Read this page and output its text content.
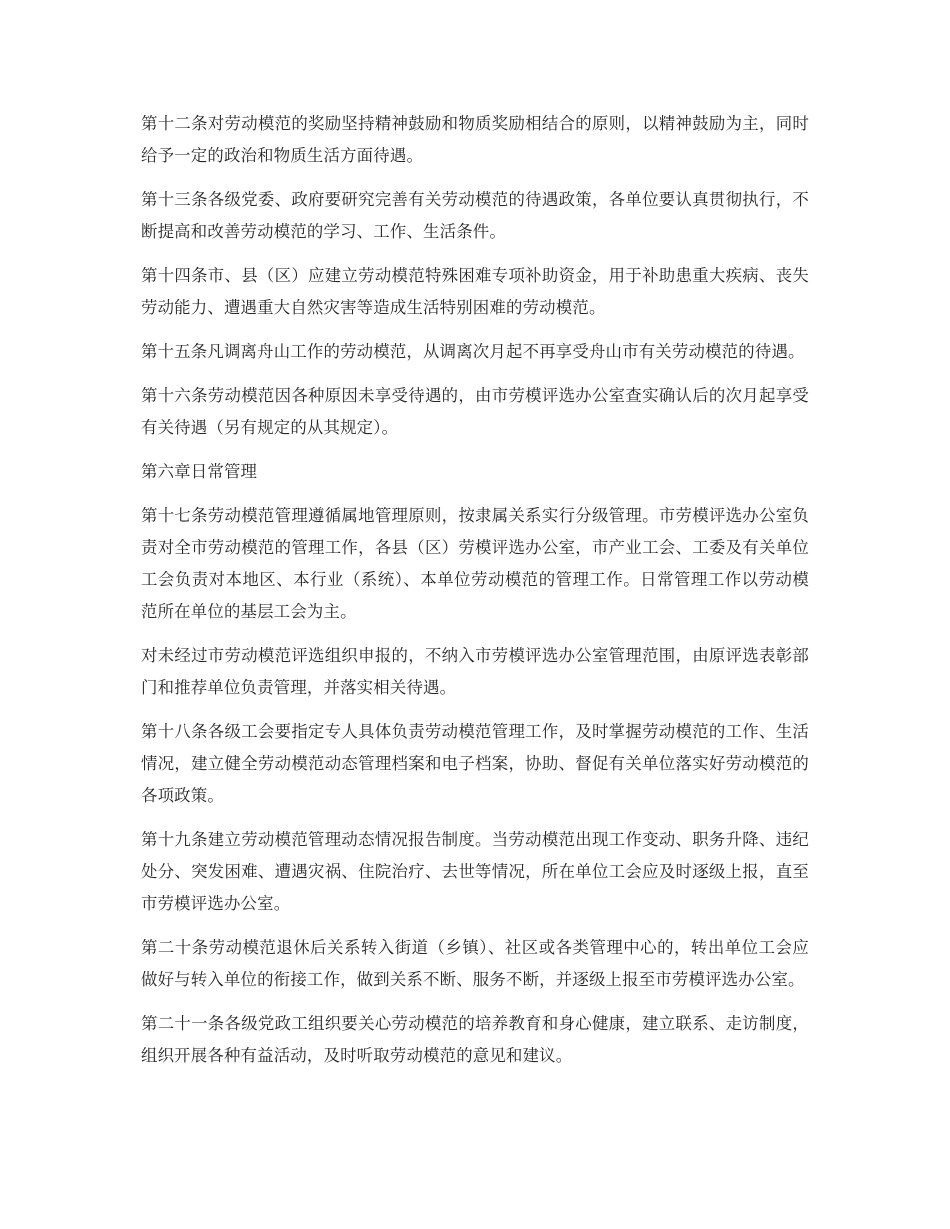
第十二条对劳动模范的奖励坚持精神鼓励和物质奖励相结合的原则，以精神鼓励为主，同时给予一定的政治和物质生活方面待遇。

第十三条各级党委、政府要研究完善有关劳动模范的待遇政策，各单位要认真贯彻执行，不断提高和改善劳动模范的学习、工作、生活条件。

第十四条市、县（区）应建立劳动模范特殊困难专项补助资金，用于补助患重大疾病、丧失劳动能力、遭遇重大自然灾害等造成生活特别困难的劳动模范。

第十五条凡调离舟山工作的劳动模范，从调离次月起不再享受舟山市有关劳动模范的待遇。

第十六条劳动模范因各种原因未享受待遇的，由市劳模评选办公室查实确认后的次月起享受有关待遇（另有规定的从其规定）。

第六章日常管理

第十七条劳动模范管理遵循属地管理原则，按隶属关系实行分级管理。市劳模评选办公室负责对全市劳动模范的管理工作，各县（区）劳模评选办公室，市产业工会、工委及有关单位工会负责对本地区、本行业（系统）、本单位劳动模范的管理工作。日常管理工作以劳动模范所在单位的基层工会为主。

对未经过市劳动模范评选组织申报的，不纳入市劳模评选办公室管理范围，由原评选表彰部门和推荐单位负责管理，并落实相关待遇。

第十八条各级工会要指定专人具体负责劳动模范管理工作，及时掌握劳动模范的工作、生活情况，建立健全劳动模范动态管理档案和电子档案，协助、督促有关单位落实好劳动模范的各项政策。

第十九条建立劳动模范管理动态情况报告制度。当劳动模范出现工作变动、职务升降、违纪处分、突发困难、遭遇灾祸、住院治疗、去世等情况，所在单位工会应及时逐级上报，直至市劳模评选办公室。

第二十条劳动模范退休后关系转入街道（乡镇）、社区或各类管理中心的，转出单位工会应做好与转入单位的衔接工作，做到关系不断、服务不断，并逐级上报至市劳模评选办公室。

第二十一条各级党政工组织要关心劳动模范的培养教育和身心健康，建立联系、走访制度，组织开展各种有益活动，及时听取劳动模范的意见和建议。
